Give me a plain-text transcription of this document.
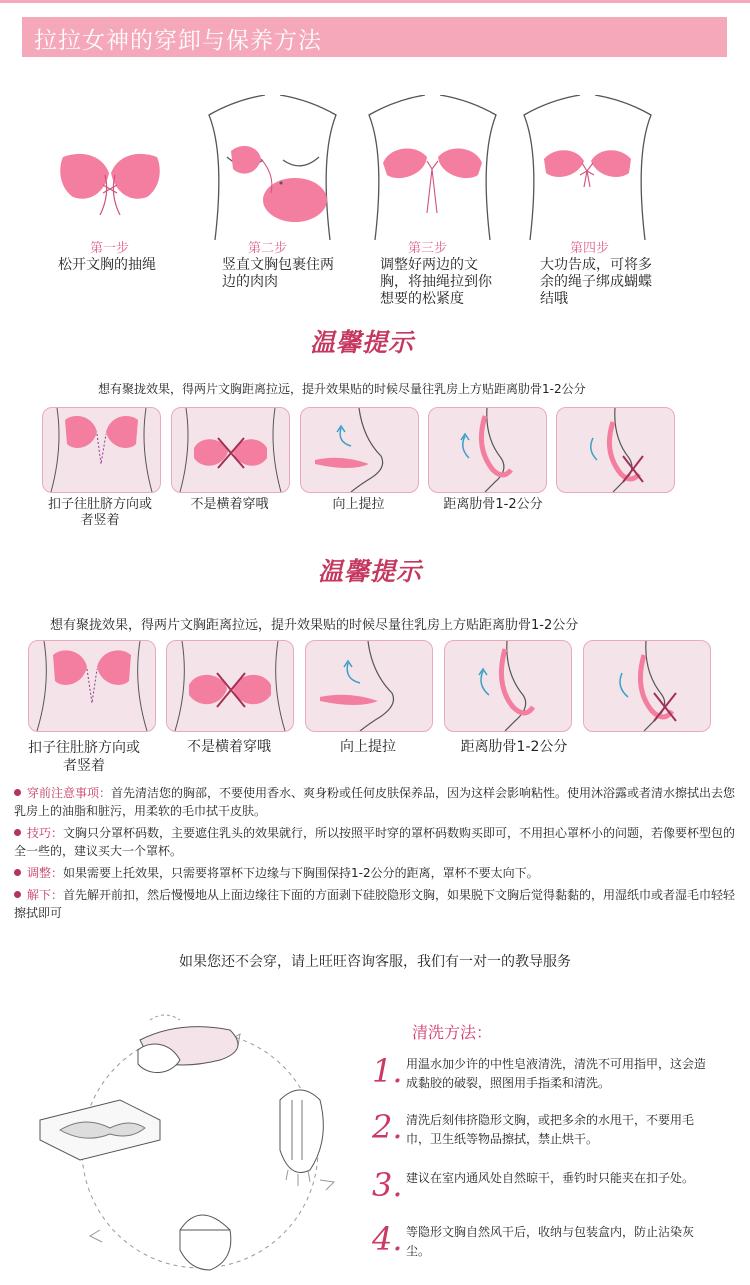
拉拉女神的穿卸与保养方法
第一步
松开文胸的抽绳
第二步
竖直文胸包裹住两边的肉肉
第三步
调整好两边的文胸，将抽绳拉到你想要的松紧度
第四步
大功告成，可将多余的绳子绑成蝴蝶结哦
温馨提示
想有聚拢效果，得两片文胸距离拉远，提升效果贴的时候尽量往乳房上方贴距离肋骨1-2公分
扣子往肚脐方向或者竖着
不是横着穿哦	向上提拉	距离肋骨1-2公分
温馨提示
想有聚拢效果，得两片文胸距离拉远，提升效果贴的时候尽量往乳房上方贴距离肋骨1-2公分
扣子往肚脐方向或者竖着
不是横着穿哦	向上提拉	距离肋骨1-2公分
穿前注意事项：首先清洁您的胸部，不要使用香水、爽身粉或任何皮肤保养品，因为这样会影响粘性。使用沐浴露或者清水擦拭出去您乳房上的油脂和脏污，用柔软的毛巾拭干皮肤。
技巧：文胸只分罩杯码数，主要遮住乳头的效果就行，所以按照平时穿的罩杯码数购买即可，不用担心罩杯小的问题，若像要杯型包的全一些的，建议买大一个罩杯。
调整：如果需要上托效果，只需要将罩杯下边缘与下胸围保持1-2公分的距离，罩杯不要太向下。
解下：首先解开前扣，然后慢慢地从上面边缘往下面的方面剥下硅胶隐形文胸，如果脱下文胸后觉得黏黏的，用湿纸巾或者湿毛巾轻轻擦拭即可
如果您还不会穿，请上旺旺咨询客服，我们有一对一的教导服务
清洗方法：
1. 用温水加少许的中性皂液清洗，清洗不可用指甲，这会造成黏胶的破裂，照图用手指柔和清洗。
2. 清洗后刻伟挤隐形文胸，或把多余的水甩干，不要用毛巾，卫生纸等物品擦拭，禁止烘干。
3. 建议在室内通风处自然晾干，垂钓时只能夹在扣子处。
4. 等隐形文胸自然风干后，收纳与包装盒内，防止沾染灰尘。
